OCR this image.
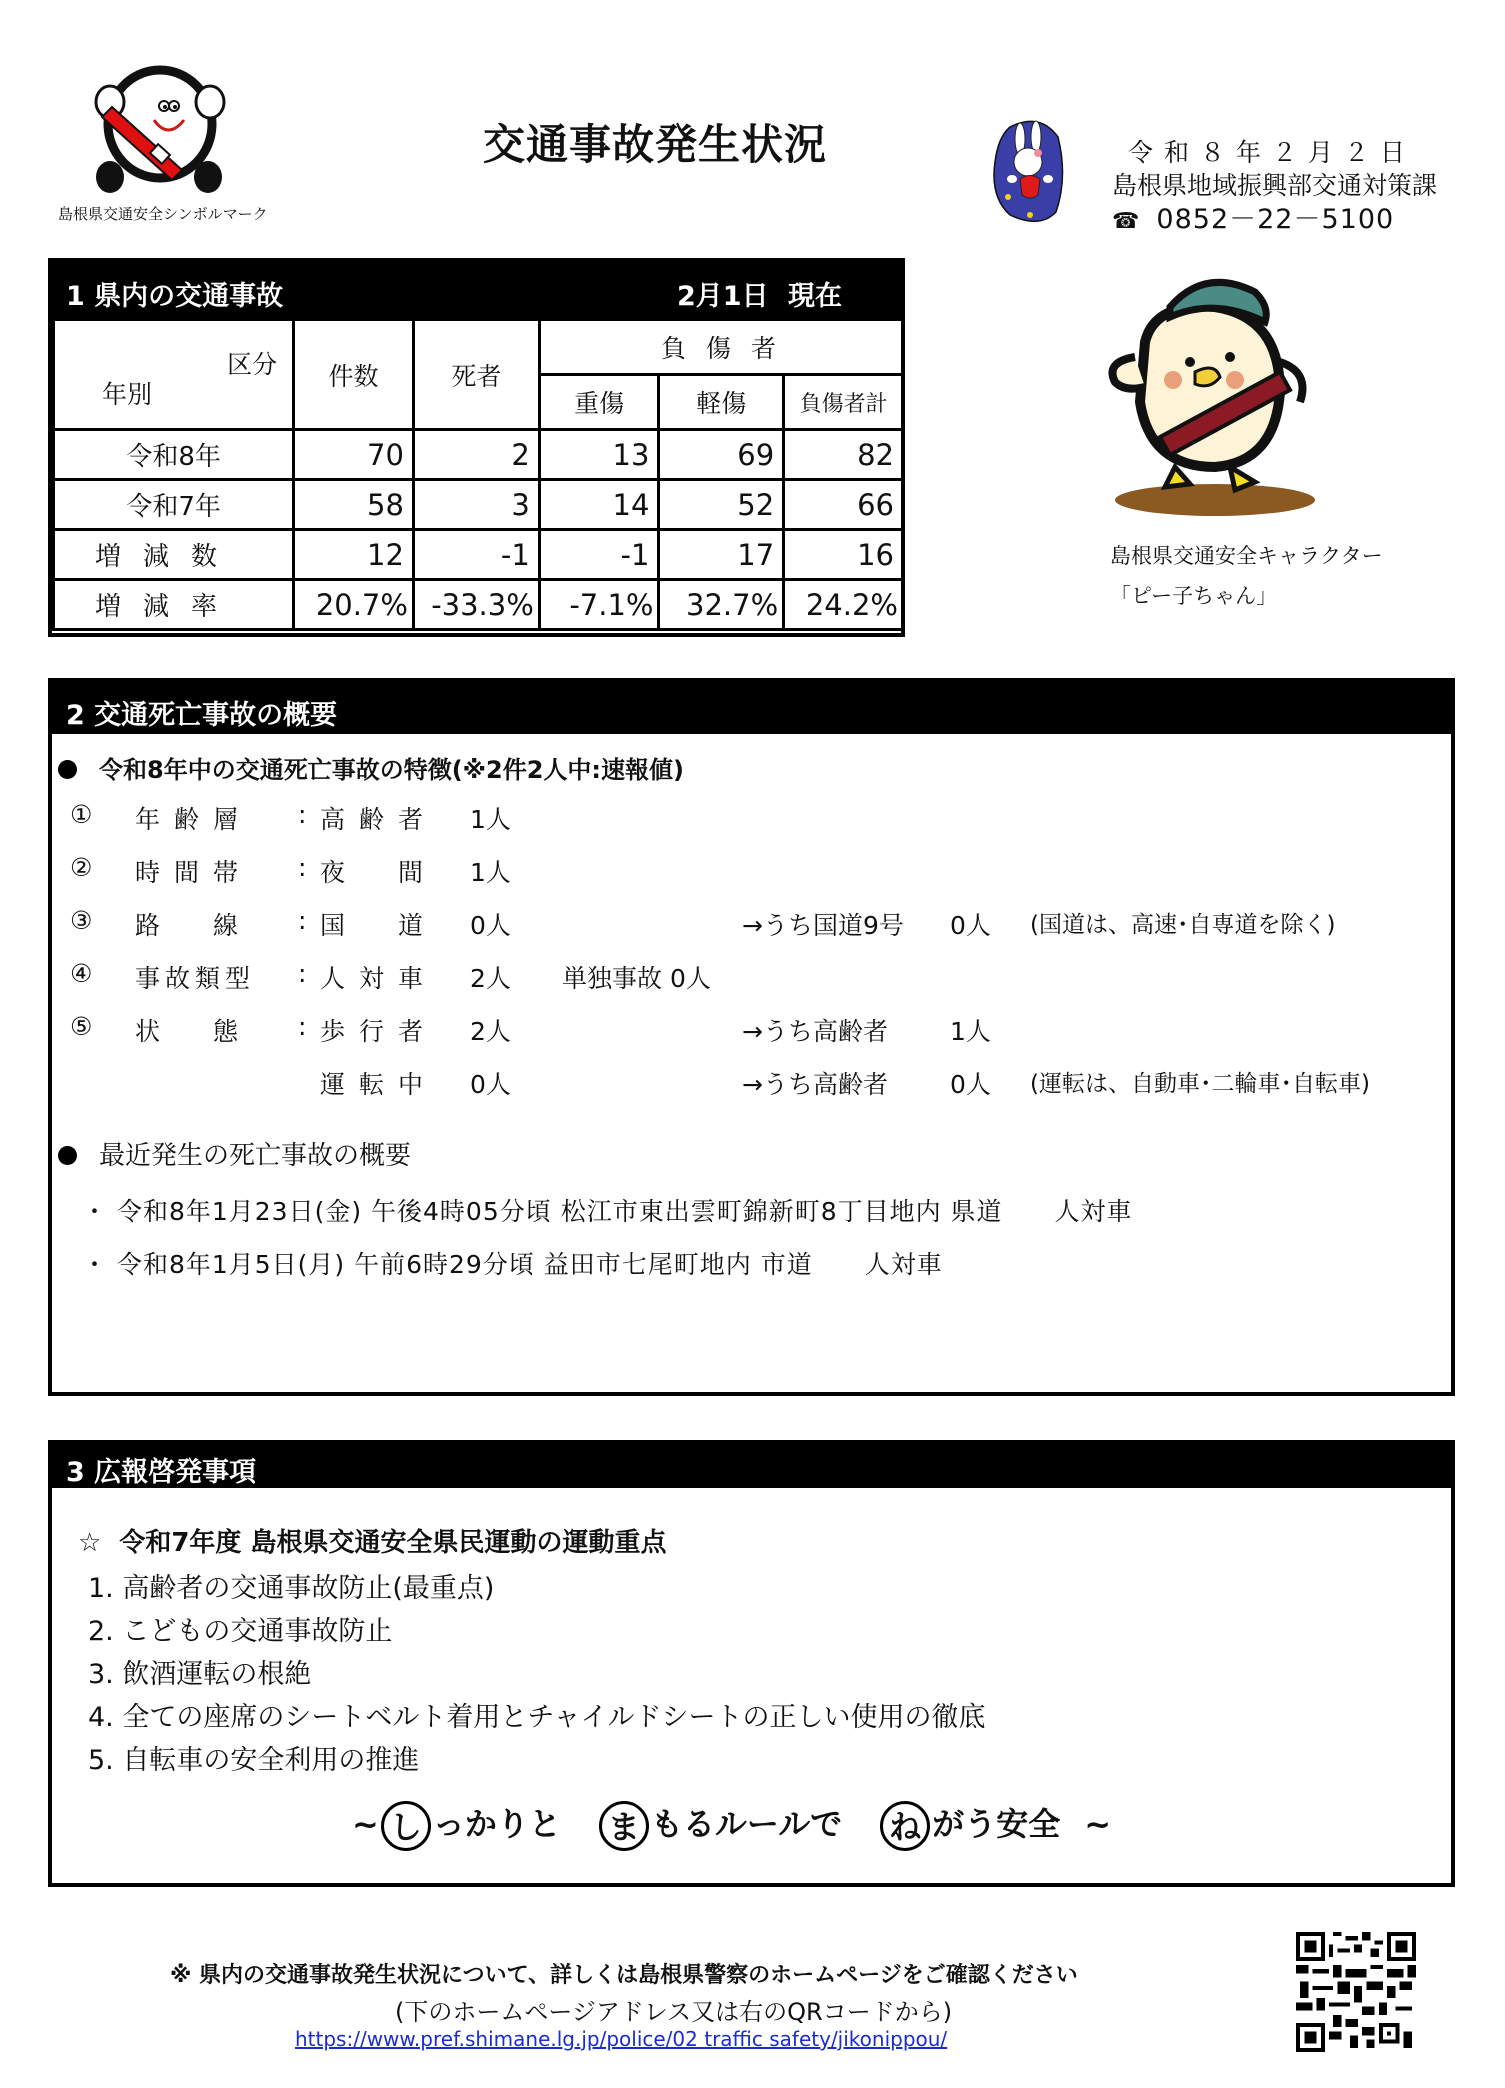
島根県交通安全シンボルマーク
交通事故発生状況	令和８年２月２日
島根県地域振興部交通対策課
☎ 0852－22－5100
島根県交通安全キャラクター
「ピー子ちゃん」
1 県内の交通事故	2月1日 現在
区分
年別	件数	死者	負 傷 者		
			重傷	軽傷	負傷者計
令和8年	70	2	13	69	82
令和7年	58	3	14	52	66
増減数	12	-1	-1	17	16
増減率	20.7%	-33.3%	-7.1%	32.7%	24.2%
2 交通死亡事故の概要
令和8年中の交通死亡事故の特徴(※2件2人中:速報値)
① 年齢層 : 高齢者 1人
② 時間帯 : 夜　間 1人
③ 路　線 : 国　道 0人	→うち国道9号 0人 (国道は、高速･自専道を除く)
④ 事故類型 : 人対車 2人 単独事故 0人
⑤ 状　態 : 歩行者 2人	→うち高齢者 1人
運転中 0人	→うち高齢者 0人 (運転は、自動車･二輪車･自転車)
最近発生の死亡事故の概要
・ 令和8年1月23日(金) 午後4時05分頃 松江市東出雲町錦新町8丁目地内 県道　　人対車
・ 令和8年1月5日(月) 午前6時29分頃 益田市七尾町地内 市道　　人対車
3 広報啓発事項
☆ 令和7年度 島根県交通安全県民運動の運動重点
1. 高齢者の交通事故防止(最重点)
2. こどもの交通事故防止
3. 飲酒運転の根絶
4. 全ての座席のシートベルト着用とチャイルドシートの正しい使用の徹底
5. 自転車の安全利用の推進
~ し っかりと ま もるルールで ね がう安全 ~
※ 県内の交通事故発生状況について、詳しくは島根県警察のホームページをご確認ください
(下のホームページアドレス又は右のQRコードから)
https://www.pref.shimane.lg.jp/police/02 traffic safety/jikonippou/
